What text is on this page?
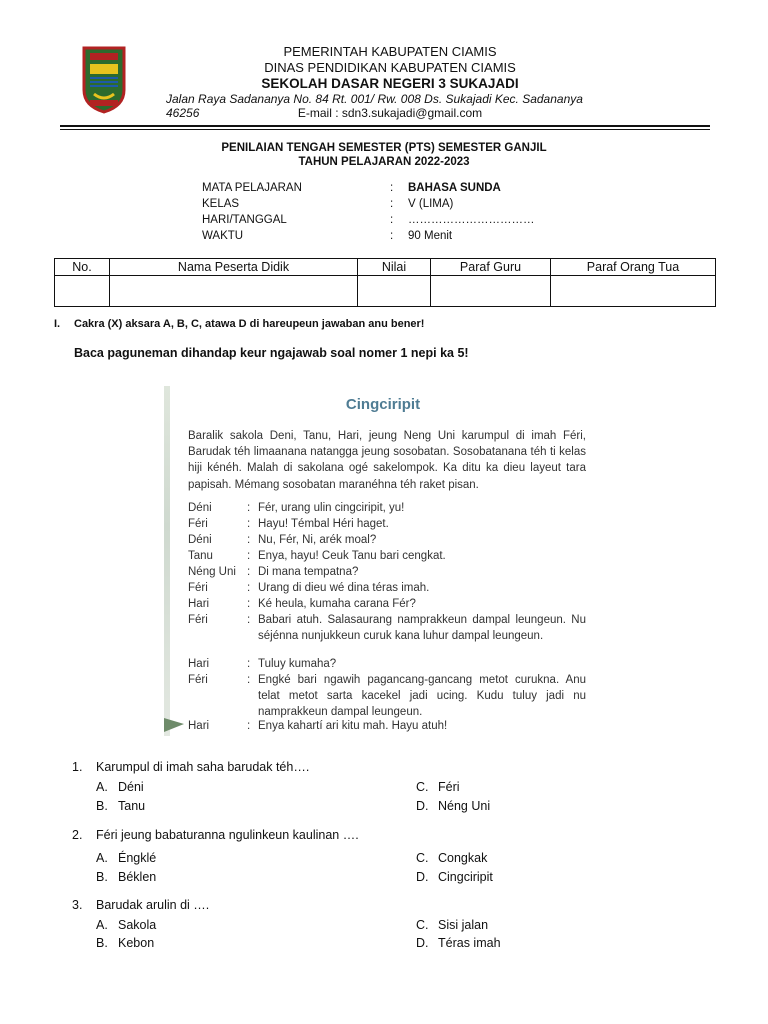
PEMERINTAH KABUPATEN CIAMIS
DINAS PENDIDIKAN KABUPATEN CIAMIS
SEKOLAH DASAR NEGERI 3 SUKAJADI
Jalan Raya Sadananya No. 84 Rt. 001/ Rw. 008 Ds. Sukajadi Kec. Sadananya 46256	E-mail : sdn3.sukajadi@gmail.com
PENILAIAN TENGAH SEMESTER (PTS) SEMESTER GANJIL
TAHUN PELAJARAN 2022-2023
MATA PELAJARAN	: BAHASA SUNDA
KELAS	: V (LIMA)
HARI/TANGGAL	: ……………………………
WAKTU	: 90 Menit
No.	Nama Peserta Didik	Nilai	Paraf Guru	Paraf Orang Tua

I. Cakra (X) aksara A, B, C, atawa D di hareupeun jawaban anu bener!
Baca paguneman dihandap keur ngajawab soal nomer 1 nepi ka 5!
Cingciripit
Baralik sakola Deni, Tanu, Hari, jeung Neng Uni karumpul di imah Féri, Barudak téh limaanana natangga jeung sosobatan. Sosobatanana téh ti kelas hiji kénéh. Malah di sakolana ogé sakelompok. Ka ditu ka dieu layeut tara papisah. Mémang sosobatan maranéhna téh raket pisan.
Déni	: Fér, urang ulin cingciripit, yu!
Féri	: Hayu! Témbal Héri haget.
Déni	: Nu, Fér, Ni, arék moal?
Tanu	: Enya, hayu! Ceuk Tanu bari cengkat.
Néng Uni : Di mana tempatna?
Féri	: Urang di dieu wé dina téras imah.
Hari	: Ké heula, kumaha carana Fér?
Féri	: Babari atuh. Salasaurang namprakkeun dampal leungeun. Nu séjénna nunjukkeun curuk kana luhur dampal leungeun.
Hari	: Tuluy kumaha?
Féri	: Engké bari ngawih pagancang-gancang metot curukna. Anu telat metot sarta kacekel jadi ucing. Kudu tuluy jadi nu namprakkeun dampal leungeun.
Hari	: Enya kahartí ari kitu mah. Hayu atuh!
1. Karumpul di imah saha barudak téh….
A. Déni
B. Tanu
C. Féri
D. Néng Uni
2. Féri jeung babaturanna ngulinkeun kaulinan ….
A. Éngklé
B. Béklen
C. Congkak
D. Cingciripit
3. Barudak arulin di ….
A. Sakola
B. Kebon
C. Sisi jalan
D. Téras imah
